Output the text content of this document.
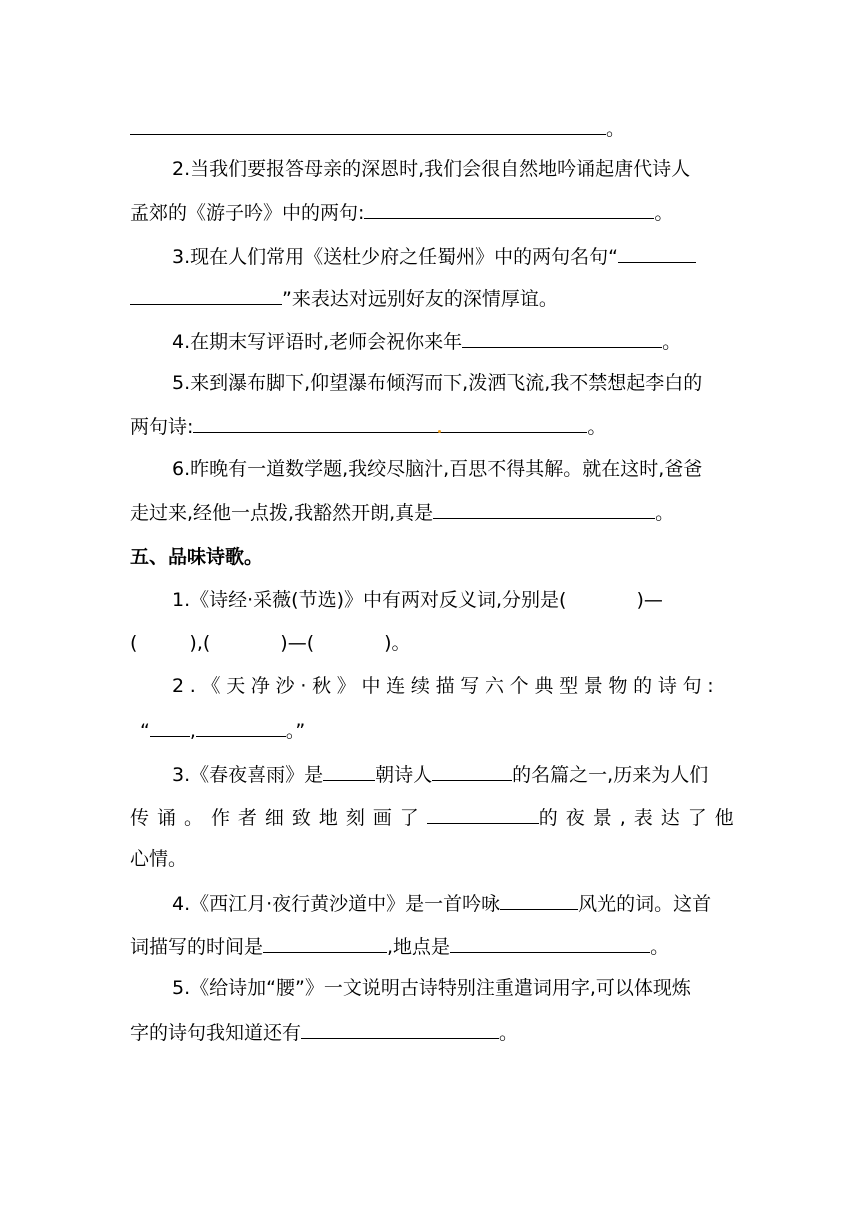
。
2.当我们要报答母亲的深恩时,我们会很自然地吟诵起唐代诗人
孟郊的《游子吟》中的两句:	。
3.现在人们常用《送杜少府之任蜀州》中的两句名句“
”来表达对远别好友的深情厚谊。
4.在期末写评语时,老师会祝你来年	。
5.来到瀑布脚下,仰望瀑布倾泻而下,泼洒飞流,我不禁想起李白的
两句诗:	。
6.昨晚有一道数学题,我绞尽脑汁,百思不得其解。就在这时,爸爸
走过来,经他一点拨,我豁然开朗,真是	。
五、品味诗歌。
1.《诗经·采薇(节选)》中有两对反义词,分别是(	)—
(	),(	)—(	)。
2.《天净沙·秋》中连续描写六个典型景物的诗句:
“ ,	。”
3.《春夜喜雨》是	朝诗人	的名篇之一,历来为人们
传诵。作者细致地刻画了	的夜景,表达了他
心情。
4.《西江月·夜行黄沙道中》是一首吟咏	风光的词。这首
词描写的时间是	,地点是	。
5.《给诗加“腰”》一文说明古诗特别注重遣词用字,可以体现炼
字的诗句我知道还有	。
